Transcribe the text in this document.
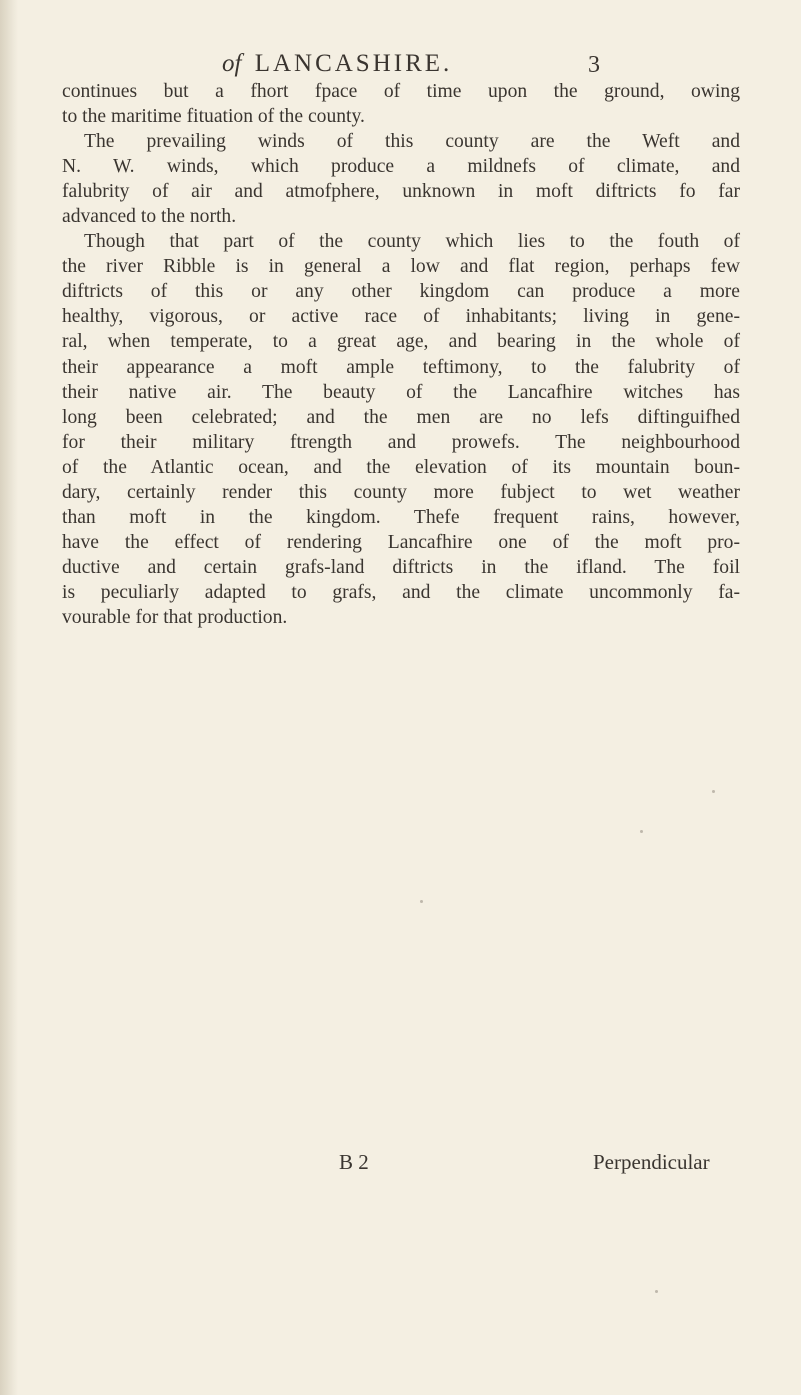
of LANCASHIRE.	3
continues but a fhort fpace of time upon the ground, owing
to the maritime fituation of the county.
The prevailing winds of this county are the Weft and
N. W. winds, which produce a mildnefs of climate, and
falubrity of air and atmofphere, unknown in moft diftricts fo far
advanced to the north.
Though that part of the county which lies to the fouth of
the river Ribble is in general a low and flat region, perhaps few
diftricts of this or any other kingdom can produce a more
healthy, vigorous, or active race of inhabitants; living in gene-
ral, when temperate, to a great age, and bearing in the whole of
their appearance a moft ample teftimony, to the falubrity of
their native air. The beauty of the Lancafhire witches has
long been celebrated; and the men are no lefs diftinguifhed
for their military ftrength and prowefs. The neighbourhood
of the Atlantic ocean, and the elevation of its mountain boun-
dary, certainly render this county more fubject to wet weather
than moft in the kingdom. Thefe frequent rains, however,
have the effect of rendering Lancafhire one of the moft pro-
ductive and certain grafs-land diftricts in the ifland. The foil
is peculiarly adapted to grafs, and the climate uncommonly fa-
vourable for that production.
B 2	Perpendicular
